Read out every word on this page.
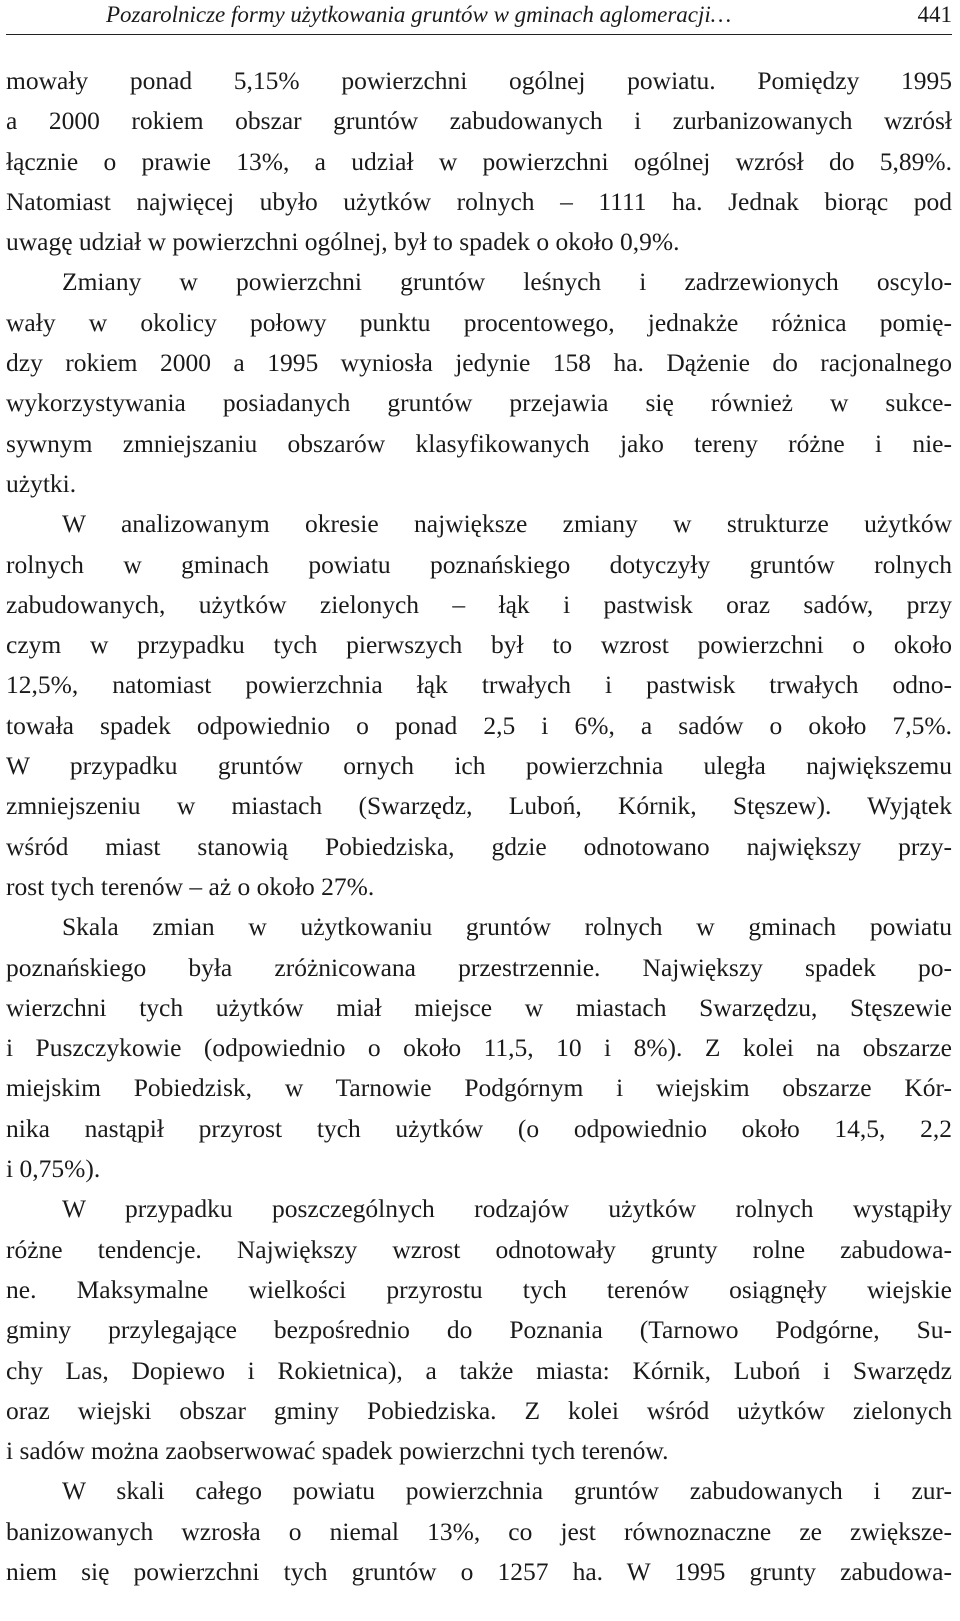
Pozarolnicze formy użytkowania gruntów w gminach aglomeracji…	441
mowały ponad 5,15% powierzchni ogólnej powiatu. Pomiędzy 1995
a 2000 rokiem obszar gruntów zabudowanych i zurbanizowanych wzrósł
łącznie o prawie 13%, a udział w powierzchni ogólnej wzrósł do 5,89%.
Natomiast najwięcej ubyło użytków rolnych – 1111 ha. Jednak biorąc pod
uwagę udział w powierzchni ogólnej, był to spadek o około 0,9%.
Zmiany w powierzchni gruntów leśnych i zadrzewionych oscylo-
wały w okolicy połowy punktu procentowego, jednakże różnica pomię-
dzy rokiem 2000 a 1995 wyniosła jedynie 158 ha. Dążenie do racjonalnego
wykorzystywania posiadanych gruntów przejawia się również w sukce-
sywnym zmniejszaniu obszarów klasyfikowanych jako tereny różne i nie-
użytki.
W analizowanym okresie największe zmiany w strukturze użytków
rolnych w gminach powiatu poznańskiego dotyczyły gruntów rolnych
zabudowanych, użytków zielonych – łąk i pastwisk oraz sadów, przy
czym w przypadku tych pierwszych był to wzrost powierzchni o około
12,5%, natomiast powierzchnia łąk trwałych i pastwisk trwałych odno-
towała spadek odpowiednio o ponad 2,5 i 6%, a sadów o około 7,5%.
W przypadku gruntów ornych ich powierzchnia uległa największemu
zmniejszeniu w miastach (Swarzędz, Luboń, Kórnik, Stęszew). Wyjątek
wśród miast stanowią Pobiedziska, gdzie odnotowano największy przy-
rost tych terenów – aż o około 27%.
Skala zmian w użytkowaniu gruntów rolnych w gminach powiatu
poznańskiego była zróżnicowana przestrzennie. Największy spadek po-
wierzchni tych użytków miał miejsce w miastach Swarzędzu, Stęszewie
i Puszczykowie (odpowiednio o około 11,5, 10 i 8%). Z kolei na obszarze
miejskim Pobiedzisk, w Tarnowie Podgórnym i wiejskim obszarze Kór-
nika nastąpił przyrost tych użytków (o odpowiednio około 14,5, 2,2
i 0,75%).
W przypadku poszczególnych rodzajów użytków rolnych wystąpiły
różne tendencje. Największy wzrost odnotowały grunty rolne zabudowa-
ne. Maksymalne wielkości przyrostu tych terenów osiągnęły wiejskie
gminy przylegające bezpośrednio do Poznania (Tarnowo Podgórne, Su-
chy Las, Dopiewo i Rokietnica), a także miasta: Kórnik, Luboń i Swarzędz
oraz wiejski obszar gminy Pobiedziska. Z kolei wśród użytków zielonych
i sadów można zaobserwować spadek powierzchni tych terenów.
W skali całego powiatu powierzchnia gruntów zabudowanych i zur-
banizowanych wzrosła o niemal 13%, co jest równoznaczne ze zwiększe-
niem się powierzchni tych gruntów o 1257 ha. W 1995 grunty zabudowa-
